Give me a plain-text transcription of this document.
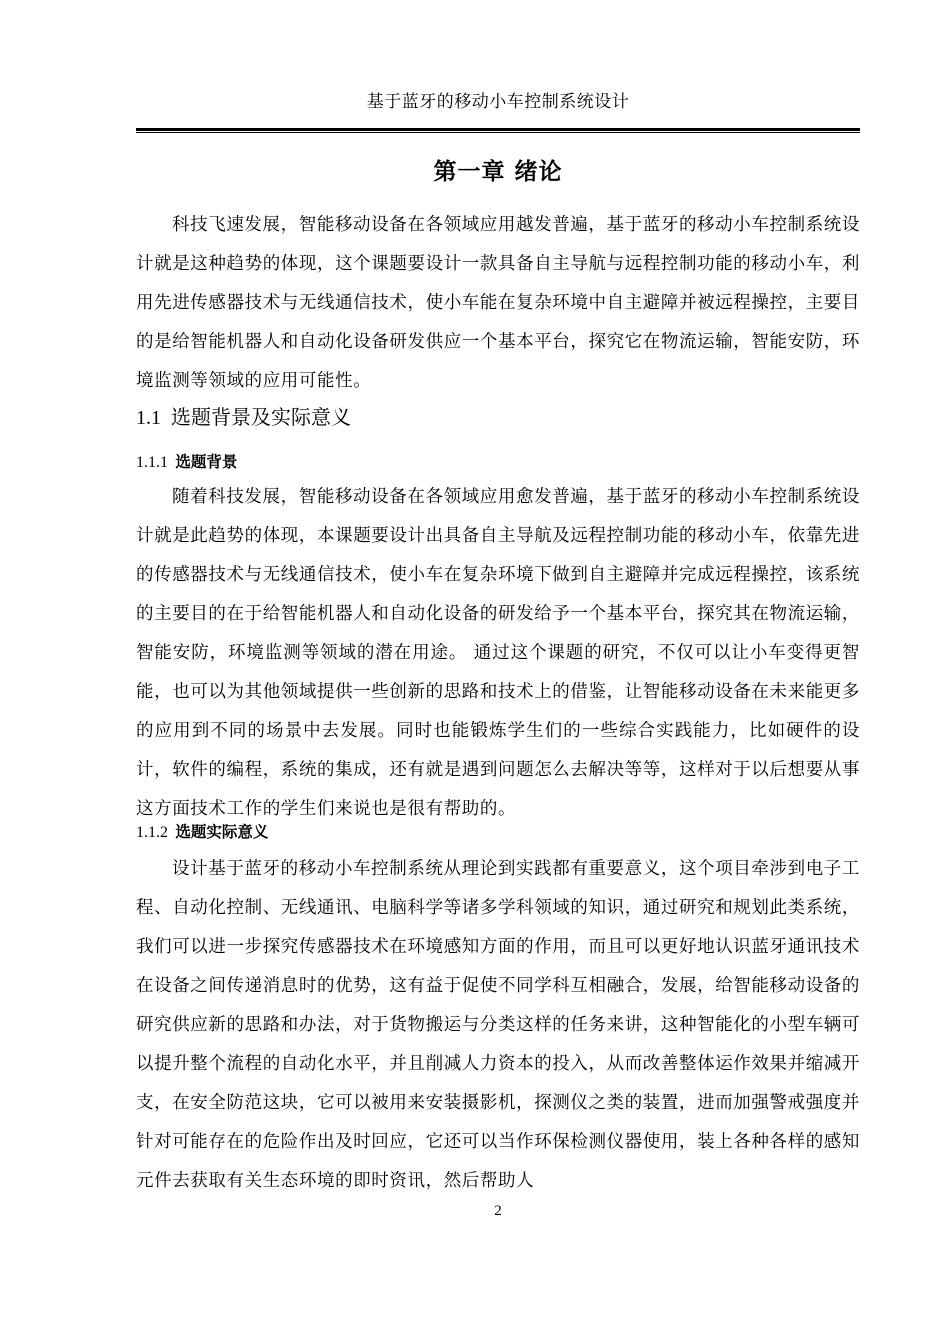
基于蓝牙的移动小车控制系统设计
第一章 绪论

科技飞速发展，智能移动设备在各领域应用越发普遍，基于蓝牙的移动小车控制系统设计就是这种趋势的体现，这个课题要设计一款具备自主导航与远程控制功能的移动小车，利用先进传感器技术与无线通信技术，使小车能在复杂环境中自主避障并被远程操控，主要目的是给智能机器人和自动化设备研发供应一个基本平台，探究它在物流运输，智能安防，环境监测等领域的应用可能性。

1.1 选题背景及实际意义
1.1.1 选题背景

随着科技发展，智能移动设备在各领域应用愈发普遍，基于蓝牙的移动小车控制系统设计就是此趋势的体现，本课题要设计出具备自主导航及远程控制功能的移动小车，依靠先进的传感器技术与无线通信技术，使小车在复杂环境下做到自主避障并完成远程操控，该系统的主要目的在于给智能机器人和自动化设备的研发给予一个基本平台，探究其在物流运输，智能安防，环境监测等领域的潜在用途。 通过这个课题的研究，不仅可以让小车变得更智能，也可以为其他领域提供一些创新的思路和技术上的借鉴，让智能移动设备在未来能更多的应用到不同的场景中去发展。同时也能锻炼学生们的一些综合实践能力，比如硬件的设计，软件的编程，系统的集成，还有就是遇到问题怎么去解决等等，这样对于以后想要从事这方面技术工作的学生们来说也是很有帮助的。

1.1.2 选题实际意义

设计基于蓝牙的移动小车控制系统从理论到实践都有重要意义，这个项目牵涉到电子工程、自动化控制、无线通讯、电脑科学等诸多学科领域的知识，通过研究和规划此类系统，我们可以进一步探究传感器技术在环境感知方面的作用，而且可以更好地认识蓝牙通讯技术在设备之间传递消息时的优势，这有益于促使不同学科互相融合，发展，给智能移动设备的研究供应新的思路和办法，对于货物搬运与分类这样的任务来讲，这种智能化的小型车辆可以提升整个流程的自动化水平，并且削减人力资本的投入，从而改善整体运作效果并缩减开支，在安全防范这块，它可以被用来安装摄影机，探测仪之类的装置，进而加强警戒强度并针对可能存在的危险作出及时回应，它还可以当作环保检测仪器使用，装上各种各样的感知元件去获取有关生态环境的即时资讯，然后帮助人

2
